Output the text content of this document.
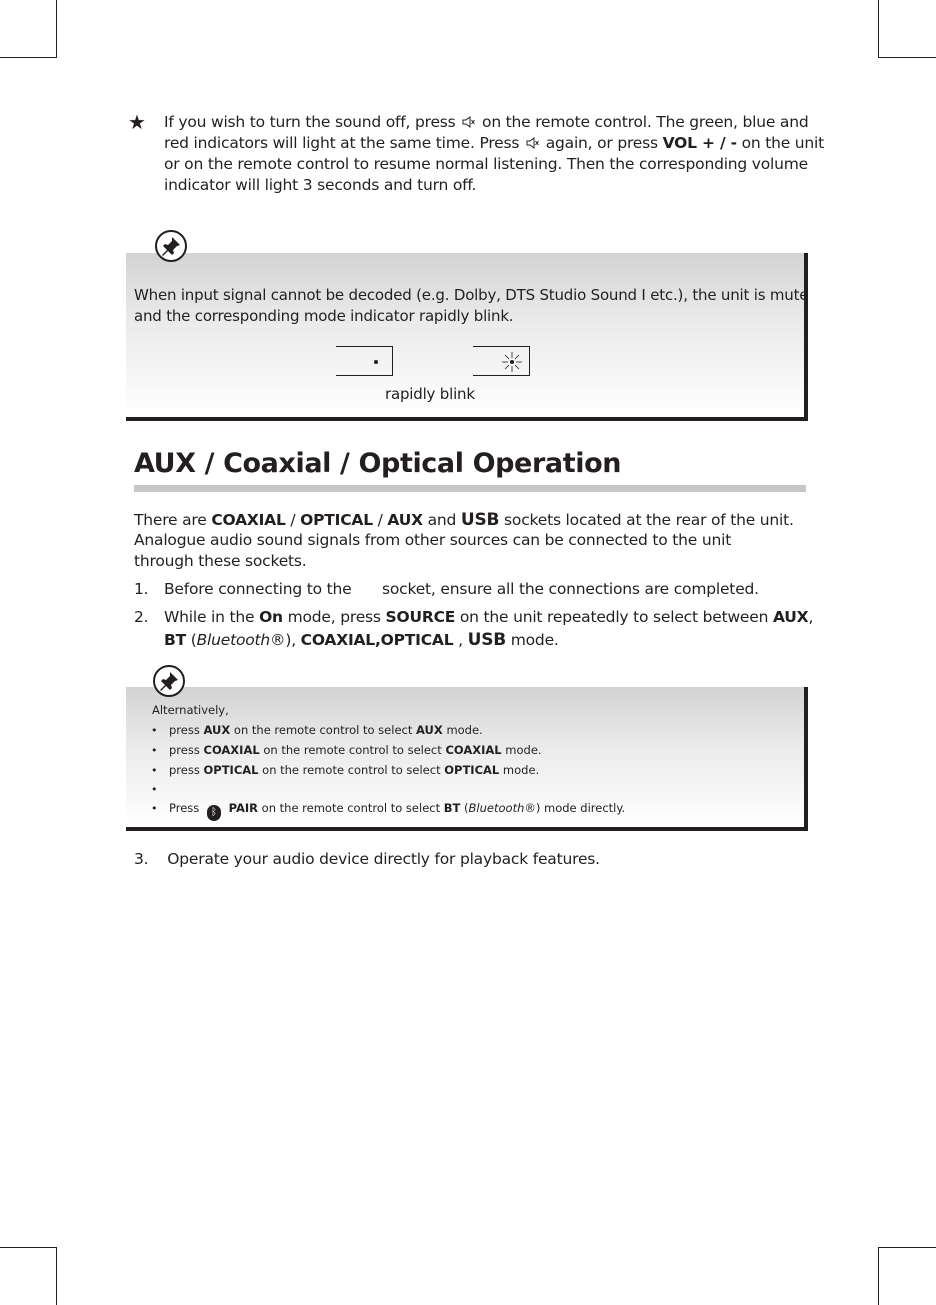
★ If you wish to turn the sound off, press on the remote control. The green, blue and
red indicators will light at the same time. Press again, or press VOL + / - on the unit
or on the remote control to resume normal listening. Then the corresponding volume
indicator will light 3 seconds and turn off.
When input signal cannot be decoded (e.g. Dolby, DTS Studio Sound I etc.), the unit is mute
and the corresponding mode indicator rapidly blink.
rapidly blink
AUX / Coaxial / Optical Operation
There are COAXIAL / OPTICAL / AUX and USB sockets located at the rear of the unit.
Analogue audio sound signals from other sources can be connected to the unit
through these sockets.
1. Before connecting to the socket, ensure all the connections are completed.
2. While in the On mode, press SOURCE on the unit repeatedly to select between AUX,
BT (Bluetooth®), COAXIAL,OPTICAL , USB mode.
Alternatively,
• press AUX on the remote control to select AUX mode.
• press COAXIAL on the remote control to select COAXIAL mode.
• press OPTICAL on the remote control to select OPTICAL mode.
•
• Press ᛒ PAIR on the remote control to select BT (Bluetooth®) mode directly.
3.    Operate your audio device directly for playback features.
